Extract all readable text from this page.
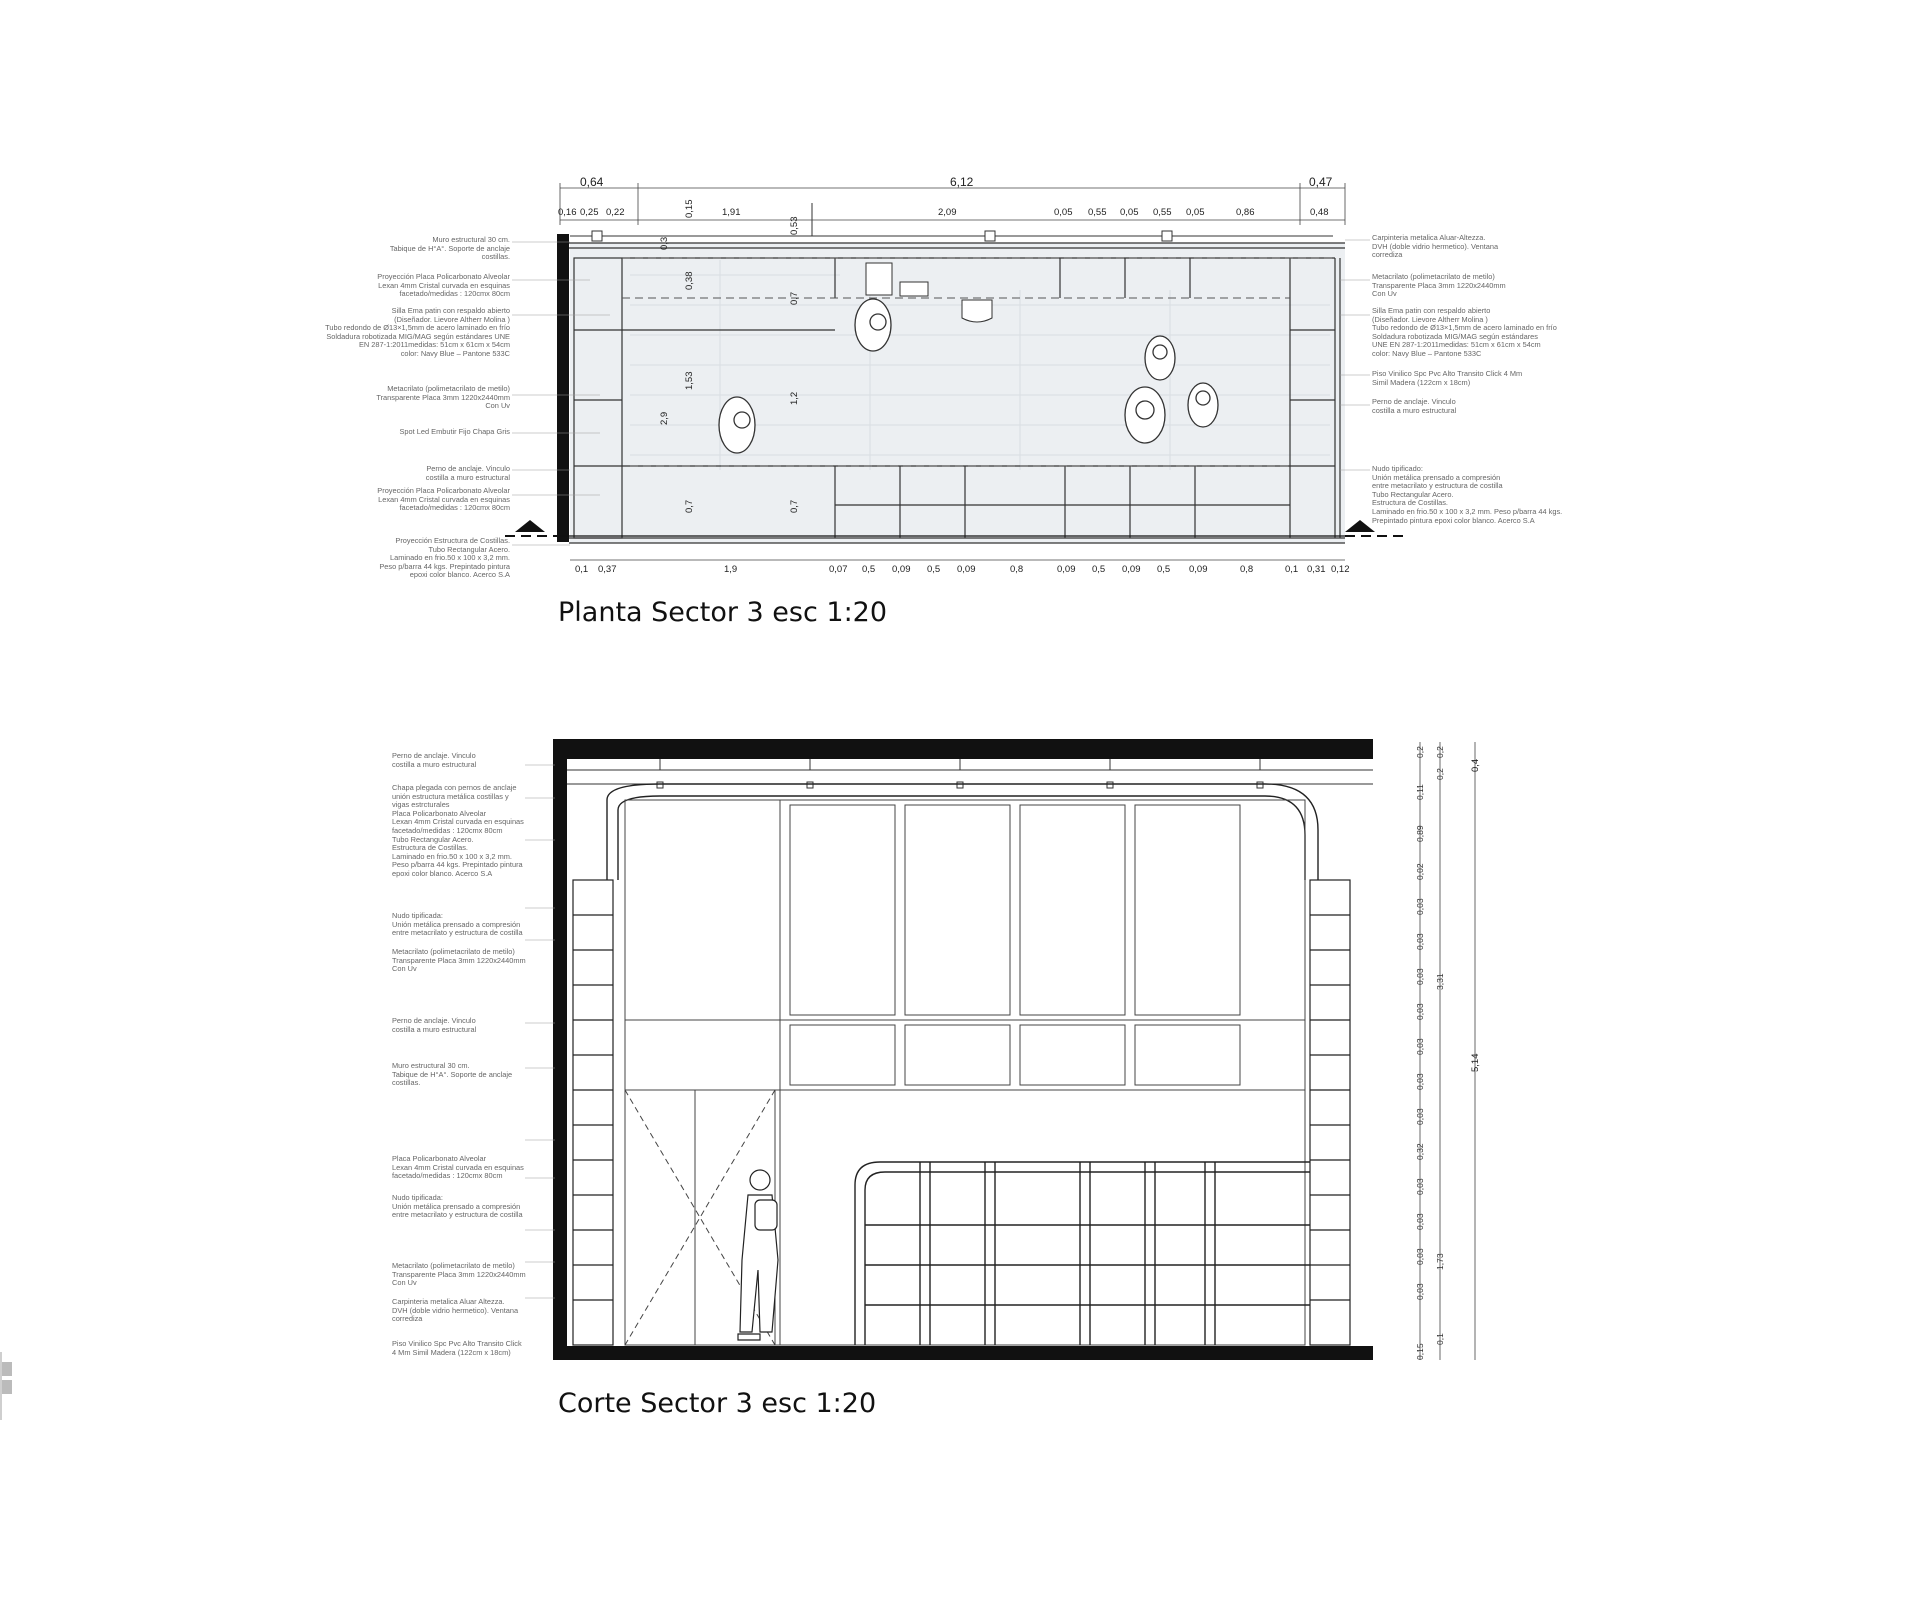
0,64	6,12	0,47
0,16 0,25 0,22	1,91	2,09	0,05 0,55 0,05 0,55 0,05	0,86	0,48
0,15
0,53
0,3
0,38
0,7
1,53
2,9
1,2
0,7	0,7
0,1 0,37	1,9	0,07 0,5 0,09 0,5 0,09	0,8	0,09 0,5 0,09 0,5 0,09	0,8	0,1 0,31 0,12
Muro estructural 30 cm.
Tabique de H°A°. Soporte de anclaje
costillas.
Proyección Placa Policarbonato Alveolar
Lexan 4mm Cristal curvada en esquinas
facetado/medidas : 120cmx 80cm
Silla Ema patin con respaldo abierto
(Diseñador. Lievore Altherr Molina )
Tubo redondo de Ø13×1,5mm de acero laminado en frío
Soldadura robotizada MIG/MAG según estándares UNE
EN 287-1:2011medidas: 51cm x 61cm x 54cm
color: Navy Blue – Pantone 533C
Metacrilato (polimetacrilato de metilo)
Transparente Placa 3mm 1220x2440mm
Con Uv
Spot Led Embutir Fijo Chapa Gris
Perno de anclaje. Vinculo
costilla a muro estructural
Proyección Placa Policarbonato Alveolar
Lexan 4mm Cristal curvada en esquinas
facetado/medidas : 120cmx 80cm
Proyección Estructura de Costillas.
Tubo Rectangular Acero.
Laminado en frio.50 x 100 x 3,2 mm.
Peso p/barra 44 kgs. Prepintado pintura
epoxi color blanco. Acerco S.A
Carpinteria metalica Aluar-Altezza.
DVH (doble vidrio hermetico). Ventana
corrediza
Metacrilato (polimetacrilato de metilo)
Transparente Placa 3mm 1220x2440mm
Con Uv
Silla Ema patin con respaldo abierto
(Diseñador. Lievore Altherr Molina )
Tubo redondo de Ø13×1,5mm de acero laminado en frío
Soldadura robotizada MIG/MAG según estándares
UNE EN 287-1:2011medidas: 51cm x 61cm x 54cm
color: Navy Blue – Pantone 533C
Piso Vinilico Spc Pvc Alto Transito Click 4 Mm
Simil Madera (122cm x 18cm)
Perno de anclaje. Vinculo
costilla a muro estructural
Nudo tipificado:
Unión metálica prensado a compresión
entre metacrilato y estructura de costilla
Tubo Rectangular Acero.
Estructura de Costillas.
Laminado en frio.50 x 100 x 3,2 mm. Peso p/barra 44 kgs.
Prepintado pintura epoxi color blanco. Acerco S.A
Planta Sector 3 esc 1:20
0,2
0,11
0,89
0,02
0,03
0,03
0,03
0,03
0,03
0,03
0,03
0,32
0,03
0,03
0,03
0,03
0,15
0,2
0,2
3,31
1,73
0,1
0,4
5,14
Perno de anclaje. Vinculo
costilla a muro estructural
Chapa plegada con pernos de anclaje
unión estructura metálica costillas y
vigas estrcturales
Placa Policarbonato Alveolar
Lexan 4mm Cristal curvada en esquinas
facetado/medidas : 120cmx 80cm
Tubo Rectangular Acero.
Estructura de Costillas.
Laminado en frio.50 x 100 x 3,2 mm.
Peso p/barra 44 kgs. Prepintado pintura
epoxi color blanco. Acerco S.A
Nudo tipificada:
Unión metálica prensado a compresión
entre metacrilato y estructura de costilla
Metacrilato (polimetacrilato de metilo)
Transparente Placa 3mm 1220x2440mm
Con Uv
Perno de anclaje. Vinculo
costilla a muro estructural
Muro estructural 30 cm.
Tabique de H°A°. Soporte de anclaje
costillas.
Placa Policarbonato Alveolar
Lexan 4mm Cristal curvada en esquinas
facetado/medidas : 120cmx 80cm
Nudo tipificada:
Unión metálica prensado a compresión
entre metacrilato y estructura de costilla
Metacrilato (polimetacrilato de metilo)
Transparente Placa 3mm 1220x2440mm
Con Uv
Carpinteria metalica Aluar Altezza.
DVH (doble vidrio hermetico). Ventana
corrediza
Piso Vinilico Spc Pvc Alto Transito Click
4 Mm Simil Madera (122cm x 18cm)
Corte Sector 3 esc 1:20
